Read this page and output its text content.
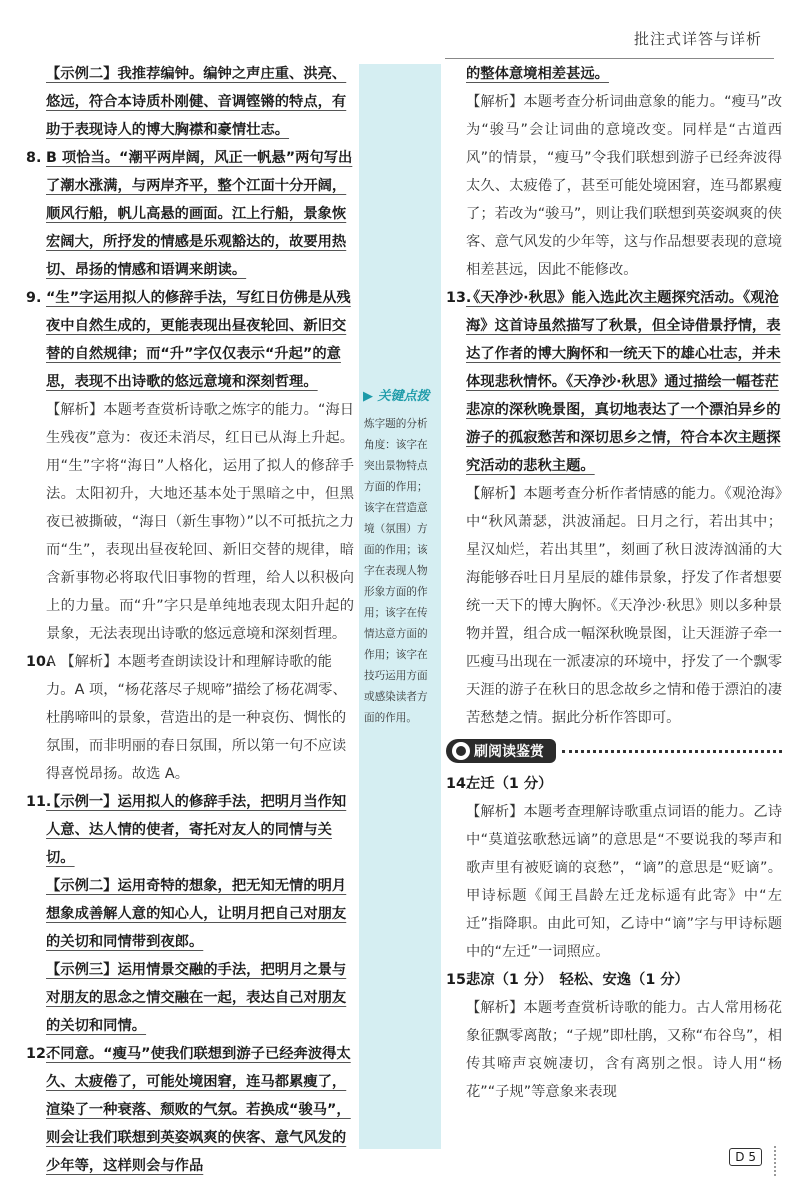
批注式详答与详析

【示例二】我推荐编钟。编钟之声庄重、洪亮、悠远，符合本诗质朴刚健、音调铿锵的特点，有助于表现诗人的博大胸襟和豪情壮志。

8. B 项恰当。“潮平两岸阔，风正一帆悬”两句写出了潮水涨满，与两岸齐平，整个江面十分开阔，顺风行船，帆儿高悬的画面。江上行船，景象恢宏阔大，所抒发的情感是乐观豁达的，故要用热切、昂扬的情感和语调来朗读。
9. “生”字运用拟人的修辞手法，写红日仿佛是从残夜中自然生成的，更能表现出昼夜轮回、新旧交替的自然规律；而“升”字仅仅表示“升起”的意思，表现不出诗歌的悠远意境和深刻哲理。
【解析】本题考查赏析诗歌之炼字的能力。“海日生残夜”意为：夜还未消尽，红日已从海上升起。用“生”字将“海日”人格化，运用了拟人的修辞手法。太阳初升，大地还基本处于黑暗之中，但黑夜已被撕破，“海日（新生事物）”以不可抵抗之力而“生”，表现出昼夜轮回、新旧交替的规律，暗含新事物必将取代旧事物的哲理，给人以积极向上的力量。而“升”字只是单纯地表现太阳升起的景象，无法表现出诗歌的悠远意境和深刻哲理。
10.
A 【解析】本题考查朗读设计和理解诗歌的能力。A 项，“杨花落尽子规啼”描绘了杨花凋零、杜鹃啼叫的景象，营造出的是一种哀伤、惆怅的氛围，而非明丽的春日氛围，所以第一句不应读得喜悦昂扬。故选 A。
11.
【示例一】运用拟人的修辞手法，把明月当作知人意、达人情的使者，寄托对友人的同情与关切。
【示例二】运用奇特的想象，把无知无情的明月想象成善解人意的知心人，让明月把自己对朋友的关切和同情带到夜郎。
【示例三】运用情景交融的手法，把明月之景与对朋友的思念之情交融在一起，表达自己对朋友的关切和同情。
12.
不同意。“瘦马”使我们联想到游子已经奔波得太久、太疲倦了，可能处境困窘，连马都累瘦了，渲染了一种衰落、颓败的气氛。若换成“骏马”，则会让我们联想到英姿飒爽的侠客、意气风发的少年等，这样则会与作品
▶ 关键点拨
炼字题的分析角度：该字在突出景物特点方面的作用；该字在营造意境（氛围）方面的作用；该字在表现人物形象方面的作用；该字在传情达意方面的作用；该字在技巧运用方面或感染读者方面的作用。

的整体意境相差甚远。

【解析】本题考查分析词曲意象的能力。“瘦马”改为“骏马”会让词曲的意境改变。同样是“古道西风”的情景，“瘦马”令我们联想到游子已经奔波得太久、太疲倦了，甚至可能处境困窘，连马都累瘦了；若改为“骏马”，则让我们联想到英姿飒爽的侠客、意气风发的少年等，这与作品想要表现的意境相差甚远，因此不能修改。
13.
《天净沙·秋思》能入选此次主题探究活动。《观沧海》这首诗虽然描写了秋景，但全诗借景抒情，表达了作者的博大胸怀和一统天下的雄心壮志，并未体现悲秋情怀。《天净沙·秋思》通过描绘一幅苍茫悲凉的深秋晚景图，真切地表达了一个漂泊异乡的游子的孤寂愁苦和深切思乡之情，符合本次主题探究活动的悲秋主题。
【解析】本题考查分析作者情感的能力。《观沧海》中“秋风萧瑟，洪波涌起。日月之行，若出其中；星汉灿烂，若出其里”，刻画了秋日波涛汹涌的大海能够吞吐日月星辰的雄伟景象，抒发了作者想要统一天下的博大胸怀。《天净沙·秋思》则以多种景物并置，组合成一幅深秋晚景图，让天涯游子牵一匹瘦马出现在一派凄凉的环境中，抒发了一个飘零天涯的游子在秋日的思念故乡之情和倦于漂泊的凄苦愁楚之情。据此分析作答即可。
刷阅读鉴赏
14.
左迁（1 分）
【解析】本题考查理解诗歌重点词语的能力。乙诗中“莫道弦歌愁远谪”的意思是“不要说我的琴声和歌声里有被贬谪的哀愁”，“谪”的意思是“贬谪”。甲诗标题《闻王昌龄左迁龙标遥有此寄》中“左迁”指降职。由此可知，乙诗中“谪”字与甲诗标题中的“左迁”一词照应。
15.
悲凉（1 分）　轻松、安逸（1 分）
【解析】本题考查赏析诗歌的能力。古人常用杨花象征飘零离散；“子规”即杜鹃，又称“布谷鸟”，相传其啼声哀婉凄切，含有离别之恨。诗人用“杨花”“子规”等意象来表现
D 5
